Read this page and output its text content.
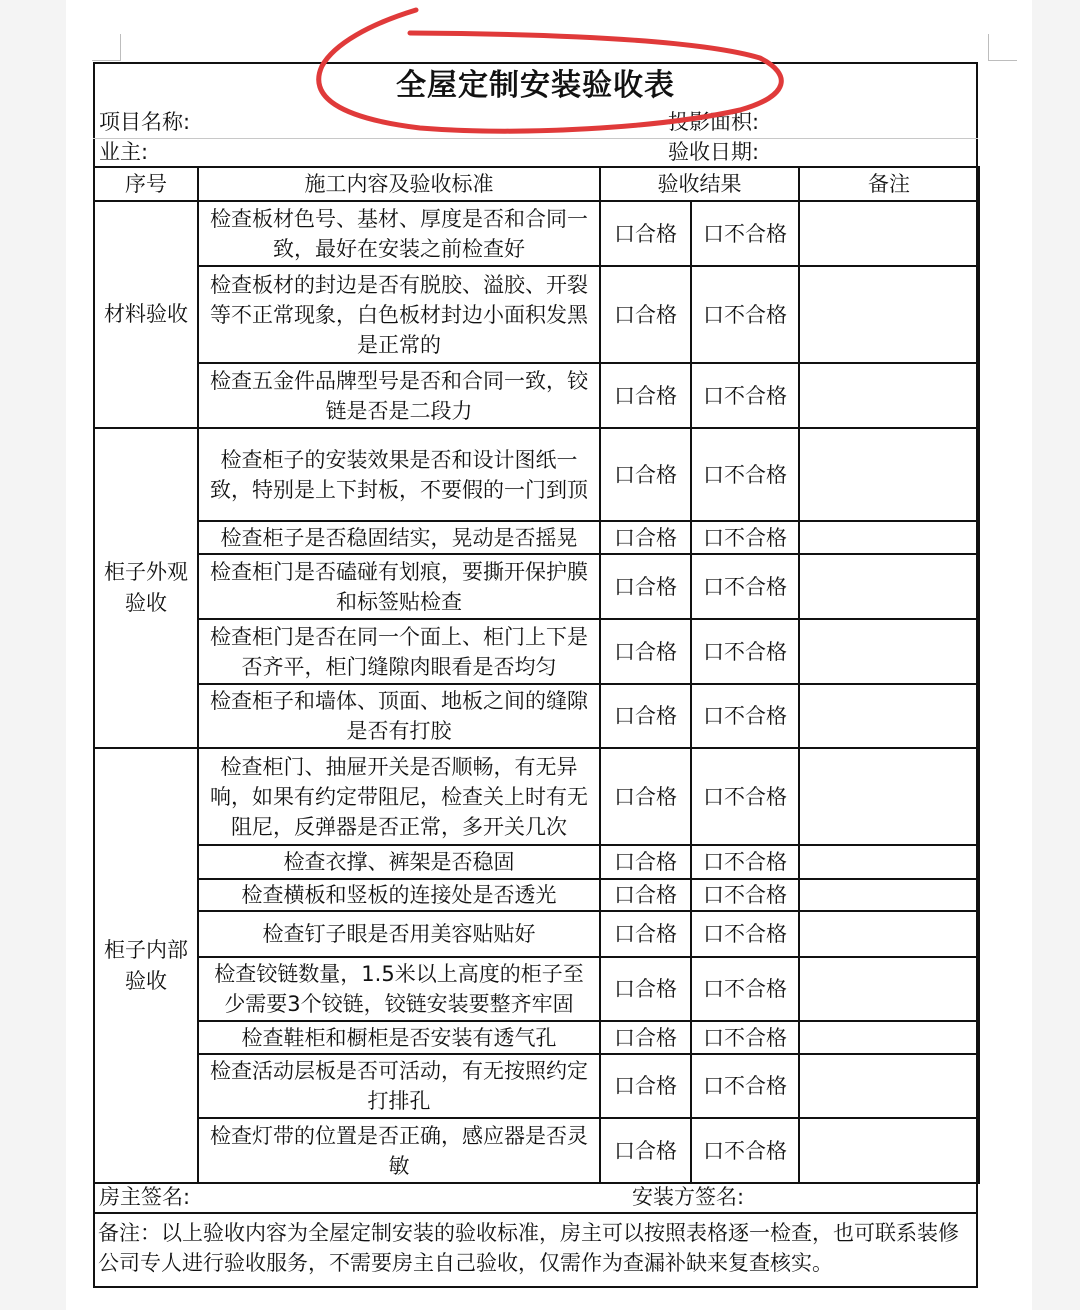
全屋定制安装验收表
项目名称:	投影面积:
业主:	验收日期:
序号	施工内容及验收标准	验收结果		备注
材料验收	检查板材色号、基材、厚度是否和合同一致，最好在安装之前检查好	口合格	口不合格	
	检查板材的封边是否有脱胶、溢胶、开裂等不正常现象，白色板材封边小面积发黑是正常的	口合格	口不合格	
	检查五金件品牌型号是否和合同一致，铰链是否是二段力	口合格	口不合格	
柜子外观验收	检查柜子的安装效果是否和设计图纸一致，特别是上下封板，不要假的一门到顶	口合格	口不合格	
	检查柜子是否稳固结实，晃动是否摇晃	口合格	口不合格	
	检查柜门是否磕碰有划痕，要撕开保护膜和标签贴检查	口合格	口不合格	
	检查柜门是否在同一个面上、柜门上下是否齐平，柜门缝隙肉眼看是否均匀	口合格	口不合格	
	检查柜子和墙体、顶面、地板之间的缝隙是否有打胶	口合格	口不合格	
柜子内部验收	检查柜门、抽屉开关是否顺畅，有无异响，如果有约定带阻尼，检查关上时有无阻尼，反弹器是否正常，多开关几次	口合格	口不合格	
	检查衣撑、裤架是否稳固	口合格	口不合格	
	检查横板和竖板的连接处是否透光	口合格	口不合格	
	检查钉子眼是否用美容贴贴好	口合格	口不合格	
	检查铰链数量，1.5米以上高度的柜子至少需要3个铰链，铰链安装要整齐牢固	口合格	口不合格	
	检查鞋柜和橱柜是否安装有透气孔	口合格	口不合格	
	检查活动层板是否可活动，有无按照约定打排孔	口合格	口不合格	
	检查灯带的位置是否正确，感应器是否灵敏	口合格	口不合格	
房主签名:	安装方签名:
备注：以上验收内容为全屋定制安装的验收标准，房主可以按照表格逐一检查，也可联系装修公司专人进行验收服务，不需要房主自己验收，仅需作为查漏补缺来复查核实。
